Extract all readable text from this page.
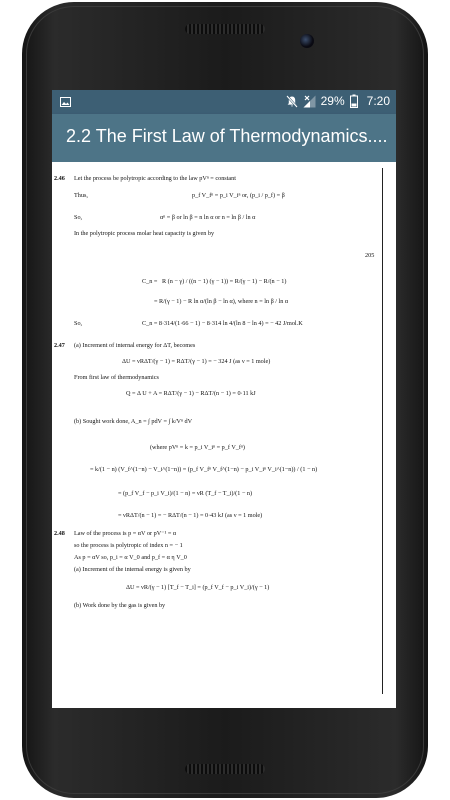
29% 7:20
2.2 The First Law of Thermodynamics....
2.46 Let the process be polytropic according to the law pVⁿ = constant
Thus,	p_f V_fⁿ = p_i V_iⁿ or, (p_i / p_f) = β
So,	αⁿ = β or ln β = n ln α or n = ln β / ln α
In the polytropic process molar heat capacity is given by
205
C_n = R (n − γ) / ((n − 1) (γ − 1)) = R/(γ − 1) − R/(n − 1)
= R/(γ − 1) − R ln α/(ln β − ln α), where n = ln β / ln α
So,	C_n = 8·314/(1·66 − 1) − 8·314 ln 4/(ln 8 − ln 4) = − 42 J/mol.K
2.47 (a) Increment of internal energy for ΔT, becomes
ΔU = νRΔT/(γ − 1) = RΔT/(γ − 1) = − 324 J (as ν = 1 mole)
From first law of thermodynamics
Q = Δ U + A = RΔT/(γ − 1) − RΔT/(n − 1) = 0·11 kJ
(b) Sought work done, A_n = ∫ pdV = ∫ k/Vⁿ dV
(where pVⁿ = k = p_i V_iⁿ = p_f V_fⁿ)
= k/(1 − n) (V_f^(1−n) − V_i^(1−n)) = (p_f V_fⁿ V_f^(1−n) − p_i V_iⁿ V_i^(1−n)) / (1 − n)
= (p_f V_f − p_i V_i)/(1 − n) = νR (T_f − T_i)/(1 − n)
= νRΔT/(n − 1) = − RΔT/(n − 1) = 0·43 kJ (as ν = 1 mole)
2.48 Law of the process is p = αV or pV⁻¹ = α
so the process is polytropic of index n = − 1
As p = αV so, p_i = α V_0 and p_f = α η V_0
(a) Increment of the internal energy is given by
ΔU = νR/(γ − 1) [T_f − T_i] = (p_f V_f − p_i V_i)/(γ − 1)
(b) Work done by the gas is given by
